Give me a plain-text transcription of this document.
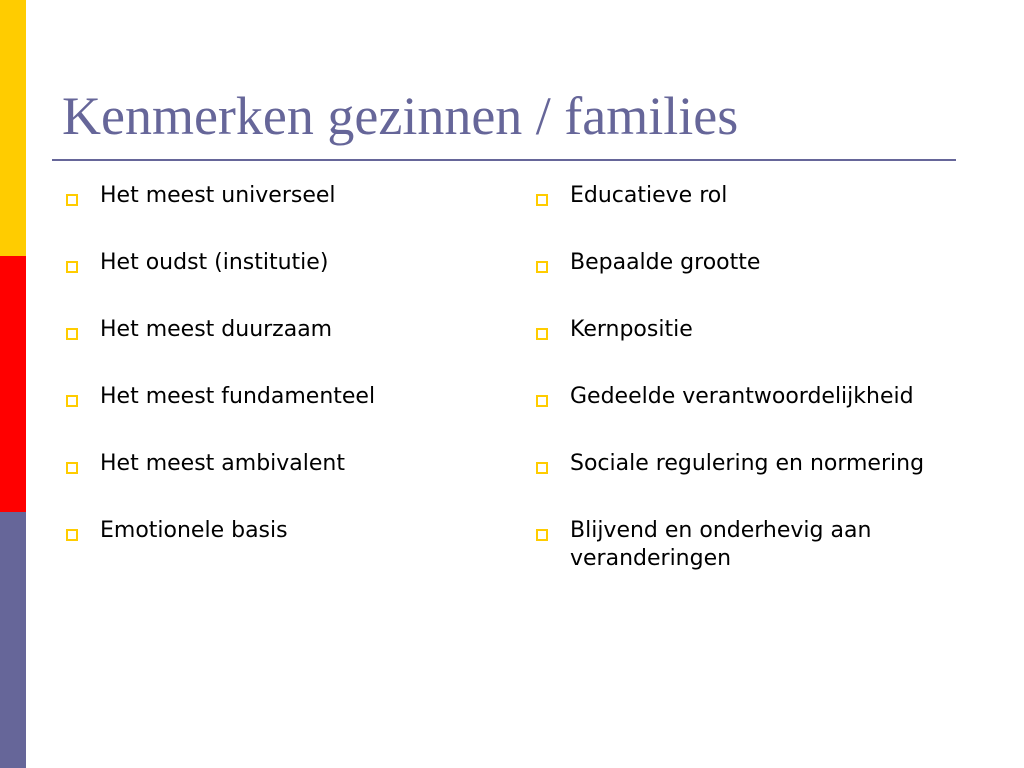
Kenmerken gezinnen / families
Het meest universeel
Het oudst (institutie)
Het meest duurzaam
Het meest fundamenteel
Het meest ambivalent
Emotionele basis
Educatieve rol
Bepaalde grootte
Kernpositie
Gedeelde verantwoordelijkheid
Sociale regulering en normering
Blijvend en onderhevig aan veranderingen
